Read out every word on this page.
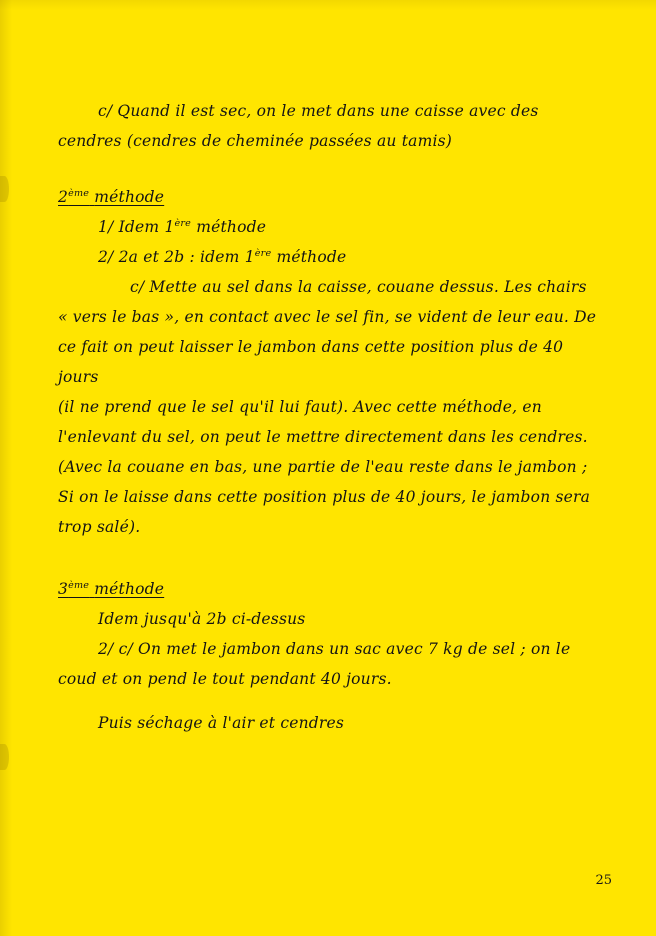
c/ Quand il est sec, on le met dans une caisse avec des
cendres (cendres de cheminée passées au tamis)
2ème méthode
1/ Idem 1ère méthode
2/ 2a et 2b : idem 1ère méthode
c/ Mette au sel dans la caisse, couane dessus. Les chairs
« vers le bas », en contact avec le sel fin, se vident de leur eau. De
ce fait on peut laisser le jambon dans cette position plus de 40 jours
(il ne prend que le sel qu'il lui faut). Avec cette méthode, en
l'enlevant du sel, on peut le mettre directement dans les cendres.
(Avec la couane en bas, une partie de l'eau reste dans le jambon ;
Si on le laisse dans cette position plus de 40 jours, le jambon sera
trop salé).
3ème méthode
Idem jusqu'à 2b ci-dessus
2/ c/ On met le jambon dans un sac avec 7 kg de sel ; on le
coud et on pend le tout pendant 40 jours.
Puis séchage à l'air et cendres
25
